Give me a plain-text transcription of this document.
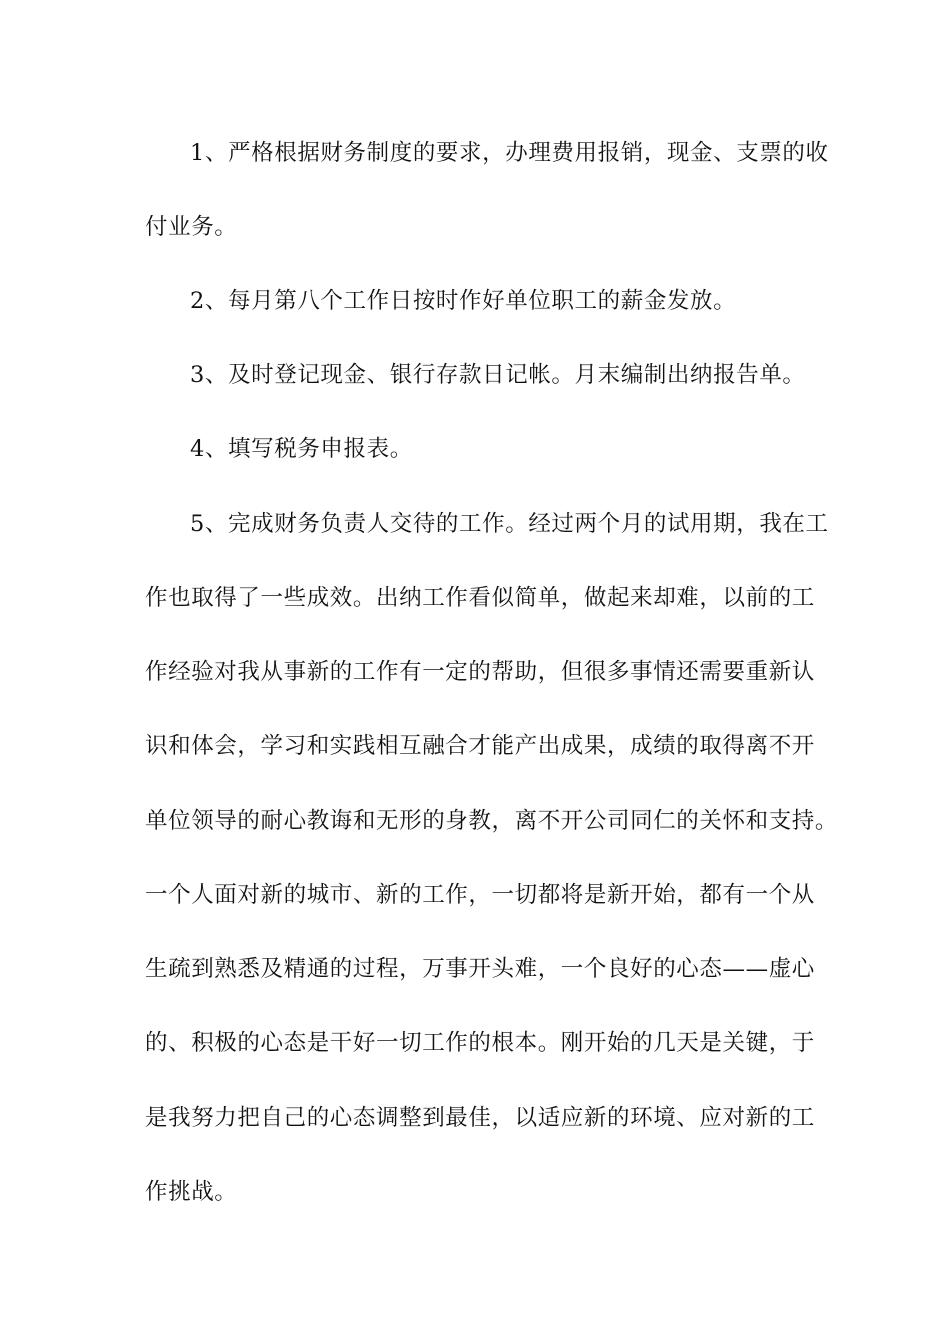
1、严格根据财务制度的要求，办理费用报销，现金、支票的收
付业务。
2、每月第八个工作日按时作好单位职工的薪金发放。
3、及时登记现金、银行存款日记帐。月末编制出纳报告单。
4、填写税务申报表。
5、完成财务负责人交待的工作。经过两个月的试用期，我在工
作也取得了一些成效。出纳工作看似简单，做起来却难，以前的工
作经验对我从事新的工作有一定的帮助，但很多事情还需要重新认
识和体会，学习和实践相互融合才能产出成果，成绩的取得离不开
单位领导的耐心教诲和无形的身教，离不开公司同仁的关怀和支持。
一个人面对新的城市、新的工作，一切都将是新开始，都有一个从
生疏到熟悉及精通的过程，万事开头难，一个良好的心态——虚心
的、积极的心态是干好一切工作的根本。刚开始的几天是关键，于
是我努力把自己的心态调整到最佳，以适应新的环境、应对新的工
作挑战。
